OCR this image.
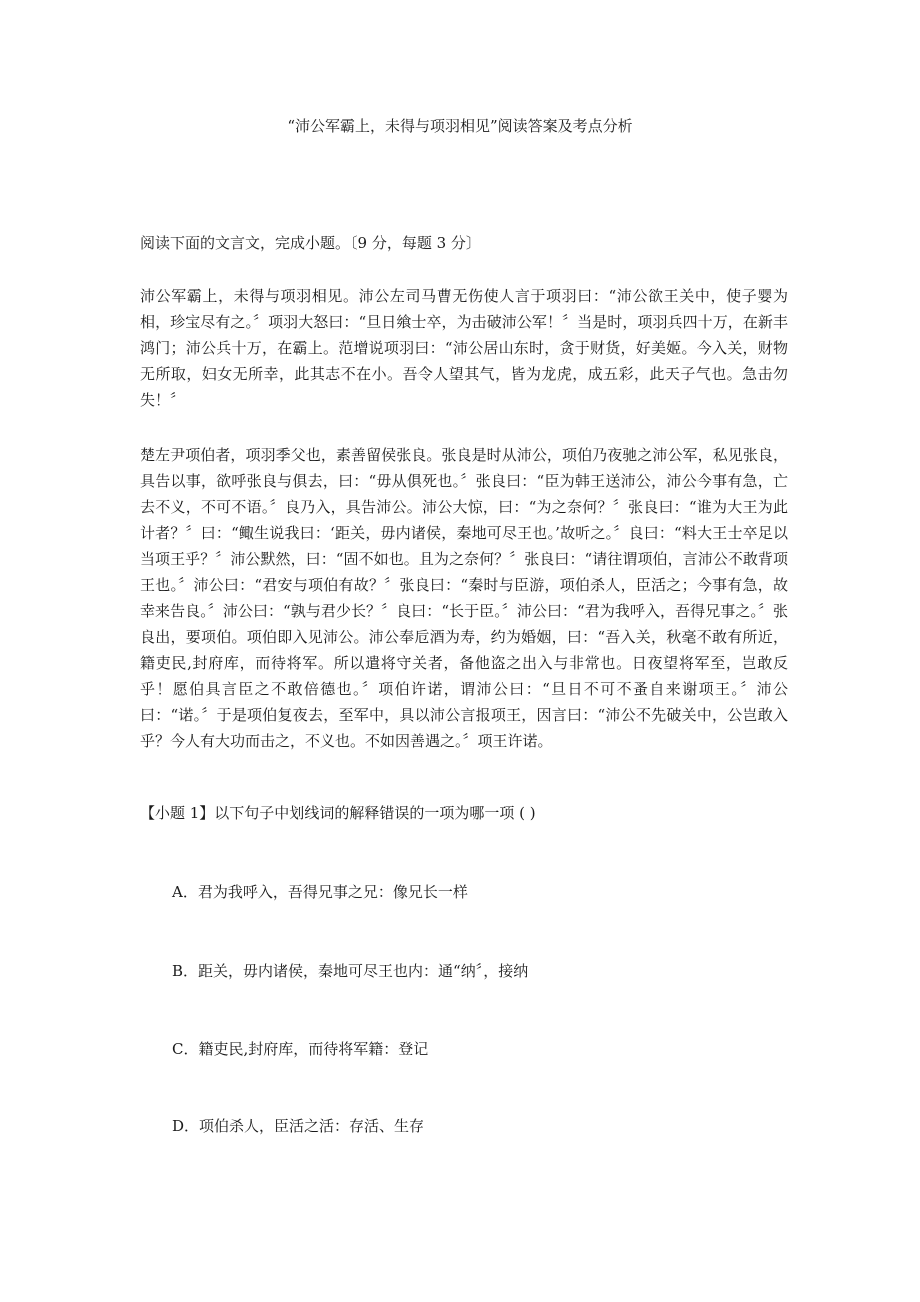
“沛公军霸上，未得与项羽相见”阅读答案及考点分析

阅读下面的文言文，完成小题。〔9 分，每题 3 分〕

沛公军霸上，未得与项羽相见。沛公左司马曹无伤使人言于项羽曰：“沛公欲王关中，使子婴为相，珍宝尽有之。〞项羽大怒曰：“旦日飨士卒，为击破沛公军！〞当是时，项羽兵四十万，在新丰鸿门；沛公兵十万，在霸上。范增说项羽曰：“沛公居山东时，贪于财货，好美姬。今入关，财物无所取，妇女无所幸，此其志不在小。吾令人望其气，皆为龙虎，成五彩，此天子气也。急击勿失！〞

楚左尹项伯者，项羽季父也，素善留侯张良。张良是时从沛公，项伯乃夜驰之沛公军，私见张良，具告以事，欲呼张良与俱去，曰：“毋从俱死也。〞张良曰：“臣为韩王送沛公，沛公今事有急，亡去不义，不可不语。〞良乃入，具告沛公。沛公大惊，曰：“为之奈何？〞张良曰：“谁为大王为此计者？〞曰：“鲰生说我曰：‘距关，毋内诸侯，秦地可尽王也。’故听之。〞良曰：“料大王士卒足以当项王乎？〞沛公默然，曰：“固不如也。且为之奈何？〞张良曰：“请往谓项伯，言沛公不敢背项王也。〞沛公曰：“君安与项伯有故？〞张良曰：“秦时与臣游，项伯杀人，臣活之；今事有急，故幸来告良。〞沛公曰：“孰与君少长？〞良曰：“长于臣。〞沛公曰：“君为我呼入，吾得兄事之。〞张良出，要项伯。项伯即入见沛公。沛公奉卮酒为寿，约为婚姻，曰：“吾入关，秋毫不敢有所近，籍吏民,封府库，而待将军。所以遣将守关者，备他盗之出入与非常也。日夜望将军至，岂敢反乎！愿伯具言臣之不敢倍德也。〞项伯许诺，谓沛公曰：“旦日不可不蚤自来谢项王。〞沛公曰：“诺。〞于是项伯复夜去，至军中，具以沛公言报项王，因言曰：“沛公不先破关中，公岂敢入乎？今人有大功而击之，不义也。不如因善遇之。〞项王许诺。

【小题 1】以下句子中划线词的解释错误的一项为哪一项 ( )

A．君为我呼入，吾得兄事之兄：像兄长一样

B．距关，毋内诸侯，秦地可尽王也内：通“纳〞，接纳

C．籍吏民,封府库，而待将军籍：登记

D．项伯杀人，臣活之活：存活、生存
